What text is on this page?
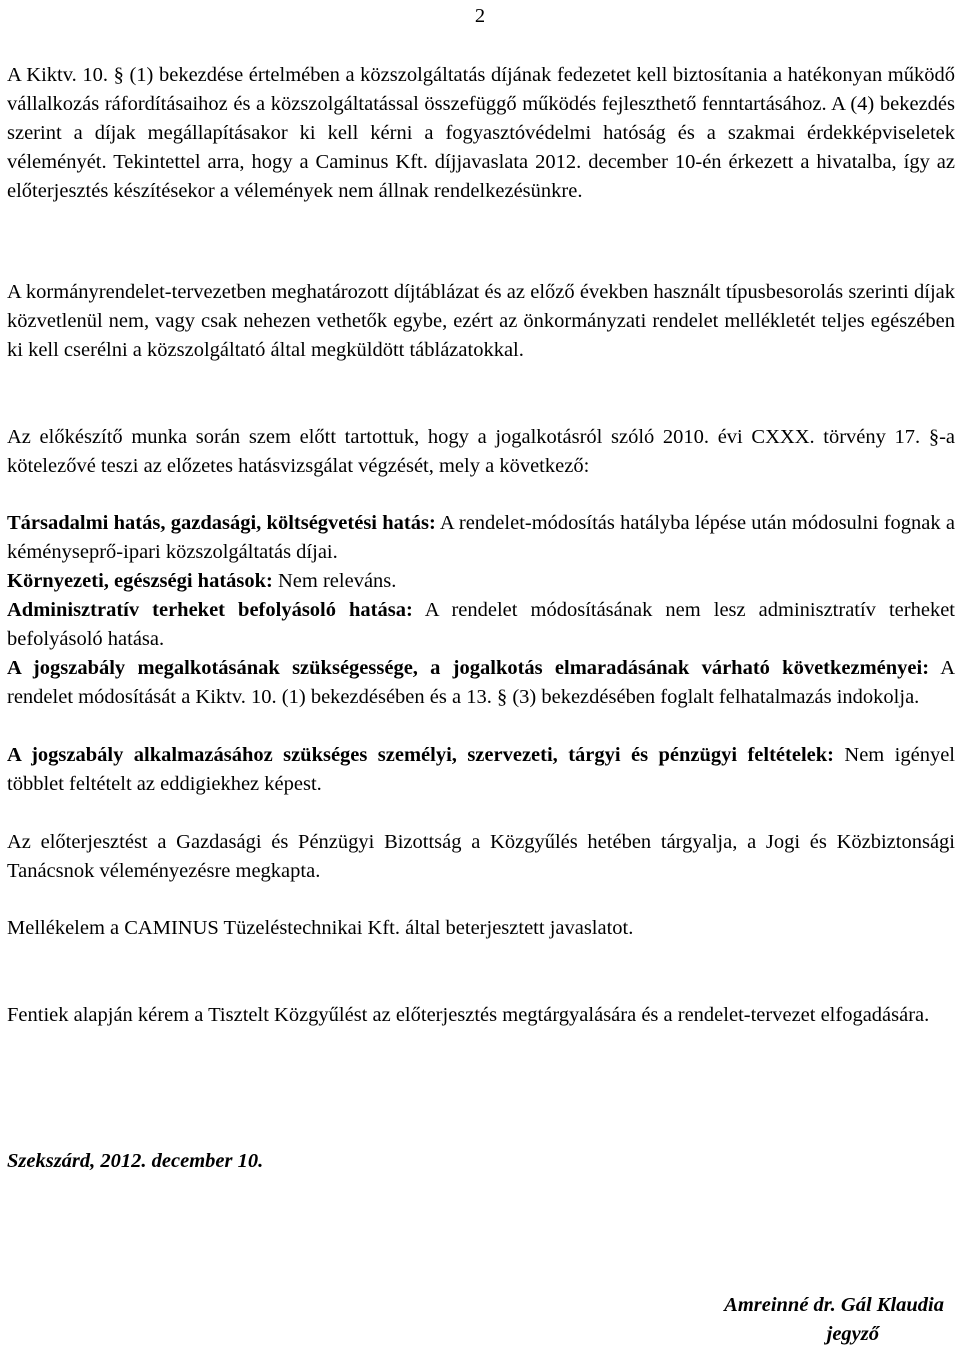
2

A Kiktv. 10. § (1) bekezdése értelmében a közszolgáltatás díjának fedezetet kell biztosítania a hatékonyan működő vállalkozás ráfordításaihoz és a közszolgáltatással összefüggő működés fejleszthető fenntartásához. A (4) bekezdés szerint a díjak megállapításakor ki kell kérni a fogyasztóvédelmi hatóság és a szakmai érdekképviseletek véleményét. Tekintettel arra, hogy a Caminus Kft. díjjavaslata 2012. december 10-én érkezett a hivatalba, így az előterjesztés készítésekor a vélemények nem állnak rendelkezésünkre.

A kormányrendelet-tervezetben meghatározott díjtáblázat és az előző években használt típusbesorolás szerinti díjak közvetlenül nem, vagy csak nehezen vethetők egybe, ezért az önkormányzati rendelet mellékletét teljes egészében ki kell cserélni a közszolgáltató által megküldött táblázatokkal.

Az előkészítő munka során szem előtt tartottuk, hogy a jogalkotásról szóló 2010. évi CXXX. törvény 17. §-a kötelezővé teszi az előzetes hatásvizsgálat végzését, mely a következő:

Társadalmi hatás, gazdasági, költségvetési hatás: A rendelet-módosítás hatályba lépése után módosulni fognak a kéményseprő-ipari közszolgáltatás díjai.

Környezeti, egészségi hatások: Nem releváns.

Adminisztratív terheket befolyásoló hatása: A rendelet módosításának nem lesz adminisztratív terheket befolyásoló hatása.

A jogszabály megalkotásának szükségessége, a jogalkotás elmaradásának várható következményei: A rendelet módosítását a Kiktv. 10. (1) bekezdésében és a 13. § (3) bekezdésében foglalt felhatalmazás indokolja.

A jogszabály alkalmazásához szükséges személyi, szervezeti, tárgyi és pénzügyi feltételek: Nem igényel többlet feltételt az eddigiekhez képest.

Az előterjesztést a Gazdasági és Pénzügyi Bizottság a Közgyűlés hetében tárgyalja, a Jogi és Közbiztonsági Tanácsnok véleményezésre megkapta.

Mellékelem a CAMINUS Tüzeléstechnikai Kft. által beterjesztett javaslatot.

Fentiek alapján kérem a Tisztelt Közgyűlést az előterjesztés megtárgyalására és a rendelet-tervezet elfogadására.

Szekszárd, 2012. december 10.
Amreinné dr. Gál Klaudia

jegyző
